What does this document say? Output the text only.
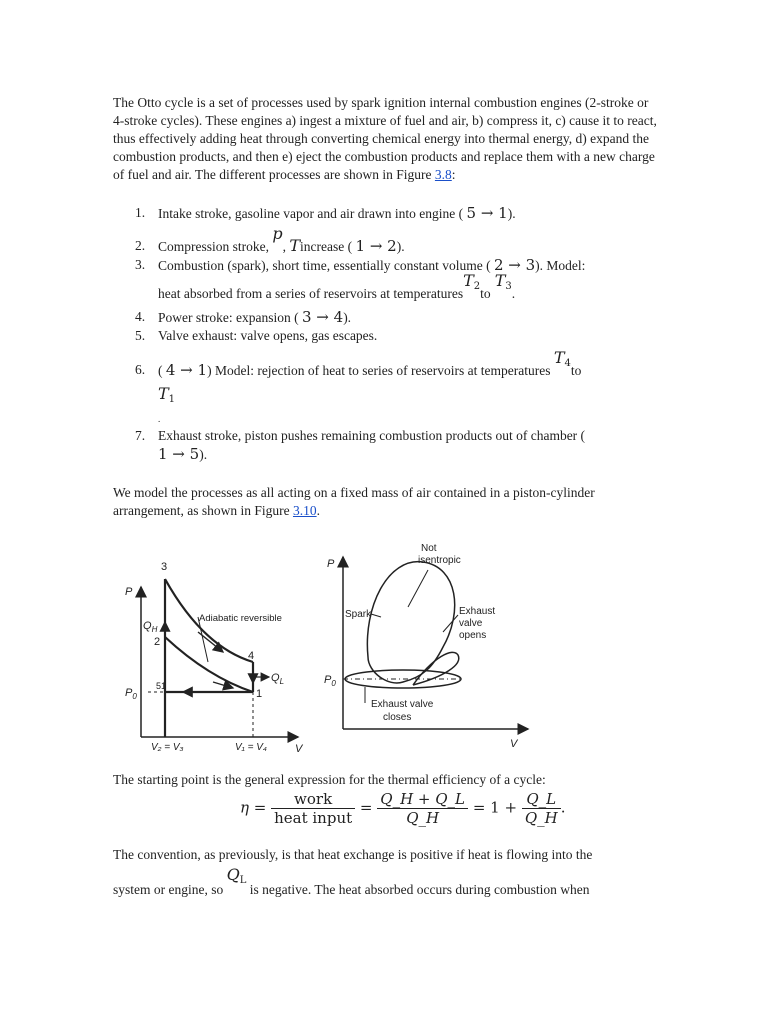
The Otto cycle is a set of processes used by spark ignition internal combustion engines (2-stroke or 4-stroke cycles). These engines a) ingest a mixture of fuel and air, b) compress it, c) cause it to react, thus effectively adding heat through converting chemical energy into thermal energy, d) expand the combustion products, and then e) eject the combustion products and replace them with a new charge of fuel and air. The different processes are shown in Figure 3.8:

1. Intake stroke, gasoline vapor and air drawn into engine ( 5 → 1).
2. Compression stroke, p, Tincrease ( 1 → 2).
3. Combustion (spark), short time, essentially constant volume ( 2 → 3). Model:
heat absorbed from a series of reservoirs at temperaturesT$_2$toT$_3$.
4. Power stroke: expansion ( 3 → 4).
5. Valve exhaust: valve opens, gas escapes.
6. ( 4 → 1) Model: rejection of heat to series of reservoirs at temperatures $T_4to$
$T_1$
.
7. Exhaust stroke, piston pushes remaining combustion products out of chamber (
1 → 5).

We model the processes as all acting on a fixed mass of air contained in a piston-cylinder arrangement, as shown in Figure 3.10.

P
3
$Q_H$
2
$P_0$
5 1
1
4
Adiabatic reversible
$Q_L$
V₂ = V₃	V₁ = V₄	V
P
$P_0$
Spark
Not
isentropic
Exhaust
valve
opens
Exhaust valve
closes
V

The starting point is the general expression for the thermal efficiency of a cycle:

$\eta = \frac{\text{work}}{\text{heat input}} = \frac{Q\_H + Q\_L}{Q\_H} = 1 + \frac{Q\_L}{Q\_H}$ .

The convention, as previously, is that heat exchange is positive if heat is flowing into the

system or engine, so $Q_L$ is negative. The heat absorbed occurs during combustion when
